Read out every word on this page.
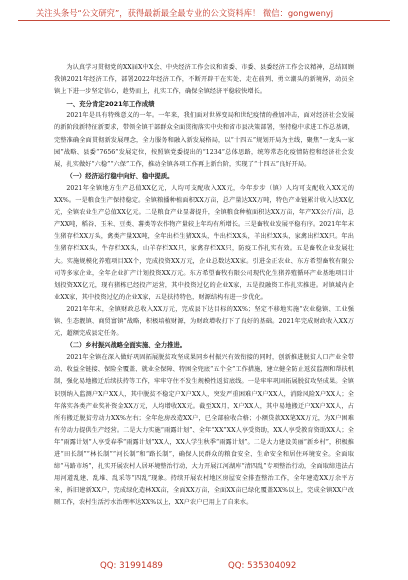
关注头条号“公文研究”，获得最新最全最专业的公文资料库！ 微信：gongwenyj

为认真学习贯彻党的XX届X中X会、中央经济工作会议和省委、市委、县委经济工作会议精神，总结回顾我镇2021年经济工作，部署2022年经济工作，不断开辟干在实处、走在前列、勇立潮头的新境界，动员全镇上下进一步坚定信心，趁势而上，扎实工作，确保全镇经济平稳较快增长。

一、充分肯定2021年工作成绩

2021年是具有特殊意义的一年。一年来，我们面对世界变局和世纪疫情的叠加冲击，面对经济社会发展的新阶段新特征新要求，带领全镇干部群众全面贯彻落实中央和省市县决策部署，坚持稳中求进工作总基调，完整准确全面贯彻新发展理念，全力服务和融入新发展格局，以“十四五”规划开局为主线，聚焦“一龙头一家园”战略、县委“7656”发展定位，按照镇党委提出的“1234”总体思路，统筹常态化疫情防控和经济社会发展，扎实做好“六稳”“六保”工作，推动全镇各项工作再上新台阶，实现了“十四五”良好开局。

（一）经济运行稳中向好、稳中提质。

2021年全镇地方生产总值XX亿元，人均可支配收入XX元，今年步步（镇）人均可支配收入XX元的XX%。一是粮食生产保持稳定。全镇粮播种植面积XX万亩，总产量达XX万吨，特色产业链累计收入达XX亿元，全镇农业生产总值XX亿元。二是粮食产业显著提升，全镇粮食种植面积达XX万亩，年产XX公斤/亩，总产XX吨，稻谷、玉米、豆类、薯类等农作物产量较上年均有所增长。三是畜牧业发展平稳有序。2021年年末生猪存栏XX万头，禽类产量XX吨，全年出栏生猪XX头，牛出栏XX头，羊出栏XX头，家禽出栏XX只。年出生猪存栏XX头，牛存栏XX头，山羊存栏XX只，家禽存栏XX只，防疫工作扎实有效。五是畜牧企业发展壮大。实施规模化养殖项目XX个，完成投资XX万元，企业总数达XX家。引进金正农业、东方希望畜牧有限公司等多家企业，全年企业扩产计划投资XX万元。东方希望畜牧有限公司现代化生猪养殖循环产业基地项目计划投资XX亿元，现有猪栋已经投产运营，其中投资过亿的企业X家，五是投融资工作扎实推进。对镇域内企业XX家，其中投资过亿的企业X家，五是扶持特色，财源结构有进一步优化。

2021年年末，全镇财政总收入XX万元，完成县下达目标的XX%；坚定不移地实施“农业稳镇、工业强镇、生态靓镇、商贸富镇”战略，积极培植财源，为财政增收打下了良好的基础。2021年完成财政收入XX万元，超额完成县定任务。

（二）乡村振兴战略全面实施、全力推进。

2021年全镇在深入做好巩固拓展脱贫攻坚成果同乡村振兴有效衔接的同时，创新推进脱贫人口产业全带动、收益全链接、保险全覆盖、就业全保障、特困全兜底“五个全”工作措施，建立健全防止返贫监测和帮扶机制，强化易地搬迁后续扶持等工作，牢牢守住不发生规模性返贫底线。一是牢牢巩固拓展脱贫攻坚成果。全镇识别纳入监测户X户XX人，其中脱贫不稳定户X户XX人，突发严重困难户X户XX人，消除风险X户XX人；全年落实各类产业奖补资金XX万元，人均增收XX元。截至XX月，X户XX人，其中易地搬迁户XX户XX人，占所有搬迁脱贫劳动力XX%左右；全年危房改造XX户，已全部验收合格；小额贷款XX笔XX万元，为X户困难有劳动力提供生产经营。二是大力实施“雨露计划”、全年“XX”XX人享受资助，XX人享受教育资助XX人；全年“雨露计划”人享受春季“雨露计划”XX人，XX人学生秋季“雨露计划”。二是大力建设美丽“新乡村”，积极推进“田长制”“林长制”“河长制”和“路长制”，确保人民群众的粮食安全、生命安全和居住环境安全。全面取缔“马路市场”，扎实开展农村人居环境整治行动，大力开展江河湖库“清四乱”专项整治行动，全面取缔违法占用河道乱建、乱堆、乱采等“四乱”现象。持续开展农村地区房屋安全排查整治工作，全年建造XX万余平方米，拆旧建新XX户，完成绿化造林XX亩，全面XX万亩，全面XX亩已绿化覆盖XX%以上，完成全镇XX户改厕工作，农村生活污水治理率达XX%以上，XX户农户已用上了自来水。

QQ: 31991489	QQ: 535304092
